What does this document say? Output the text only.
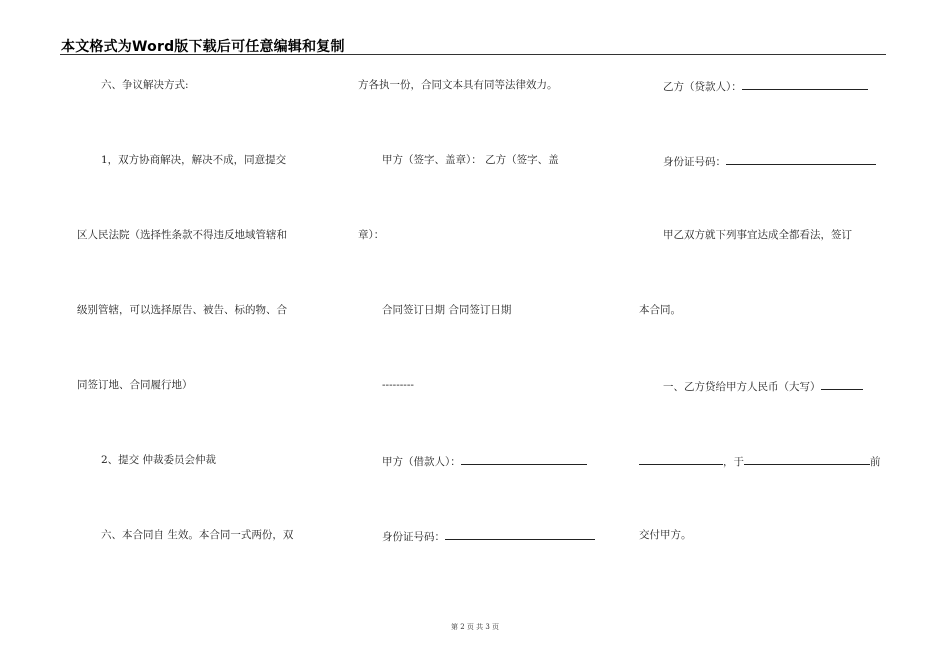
本文格式为Word版下载后可任意编辑和复制
六、争议解决方式:
1，双方协商解决，解决不成，同意提交
区人民法院（选择性条款不得违反地域管辖和
级别管辖，可以选择原告、被告、标的物、合
同签订地、合同履行地）
2、提交 仲裁委员会仲裁
六、本合同自 生效。本合同一式两份，双
方各执一份，合同文本具有同等法律效力。
甲方（签字、盖章）： 乙方（签字、盖
章）：
合同签订日期 合同签订日期
---------
甲方（借款人）：
身份证号码：
乙方（贷款人）：
身份证号码：
甲乙双方就下列事宜达成全都看法，签订
本合同。
一、乙方贷给甲方人民币（大写）
，于	前
交付甲方。
第 2 页 共 3 页
